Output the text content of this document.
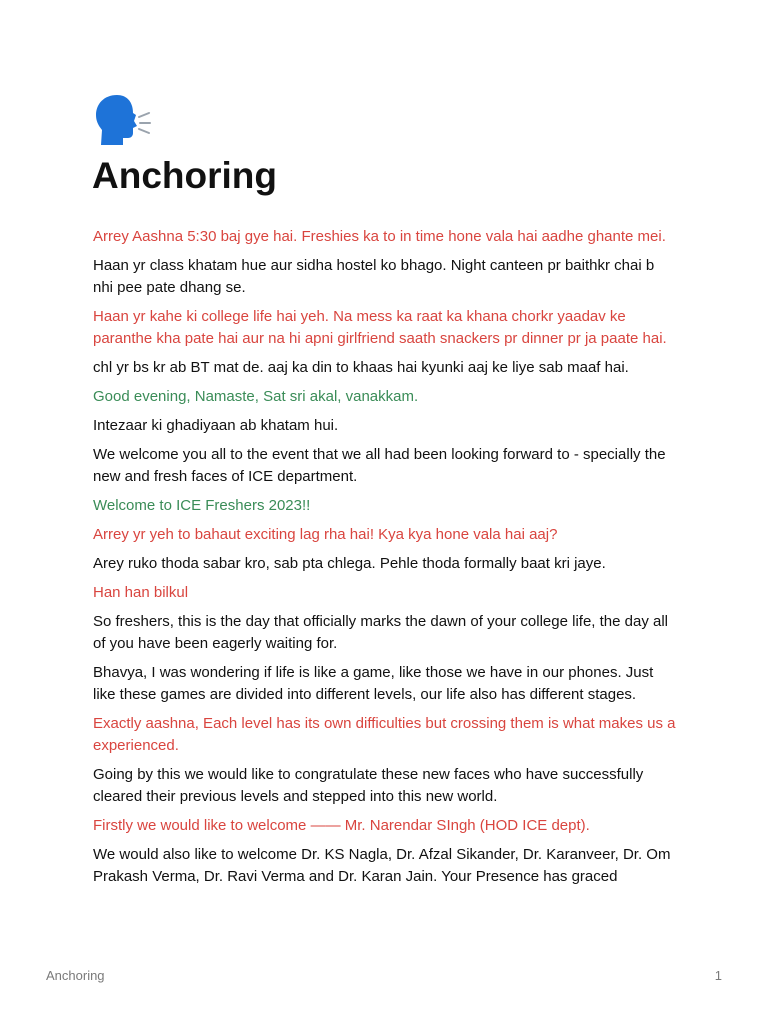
Anchoring

Arrey Aashna 5:30 baj gye hai. Freshies ka to in time hone vala hai aadhe ghante mei.

Haan yr class khatam hue aur sidha hostel ko bhago. Night canteen pr baithkr chai b nhi pee pate dhang se.

Haan yr kahe ki college life hai yeh. Na mess ka raat ka khana chorkr yaadav ke paranthe kha pate hai aur na hi apni girlfriend saath snackers pr dinner pr ja paate hai.

chl yr bs kr ab BT mat de. aaj ka din to khaas hai kyunki aaj ke liye sab maaf hai.

Good evening, Namaste, Sat sri akal, vanakkam.

Intezaar ki ghadiyaan ab khatam hui.

We welcome you all to the event that we all had been looking forward to - specially the new and fresh faces of ICE department.

Welcome to ICE Freshers 2023!!

Arrey yr yeh to bahaut exciting lag rha hai! Kya kya hone vala hai aaj?

Arey ruko thoda sabar kro, sab pta chlega. Pehle thoda formally baat kri jaye.

Han han bilkul

So freshers, this is the day that officially marks the dawn of your college life, the day all of you have been eagerly waiting for.

Bhavya, I was wondering if life is like a game, like those we have in our phones. Just like these games are divided into different levels, our life also has different stages.

Exactly aashna, Each level has its own difficulties but crossing them is what makes us a experienced.

Going by this we would like to congratulate these new faces who have successfully cleared their previous levels and stepped into this new world.

Firstly we would like to welcome —— Mr. Narendar SIngh (HOD ICE dept).

We would also like to welcome Dr. KS Nagla, Dr. Afzal Sikander, Dr. Karanveer, Dr. Om Prakash Verma, Dr. Ravi Verma and Dr. Karan Jain. Your Presence has graced

Anchoring	1
